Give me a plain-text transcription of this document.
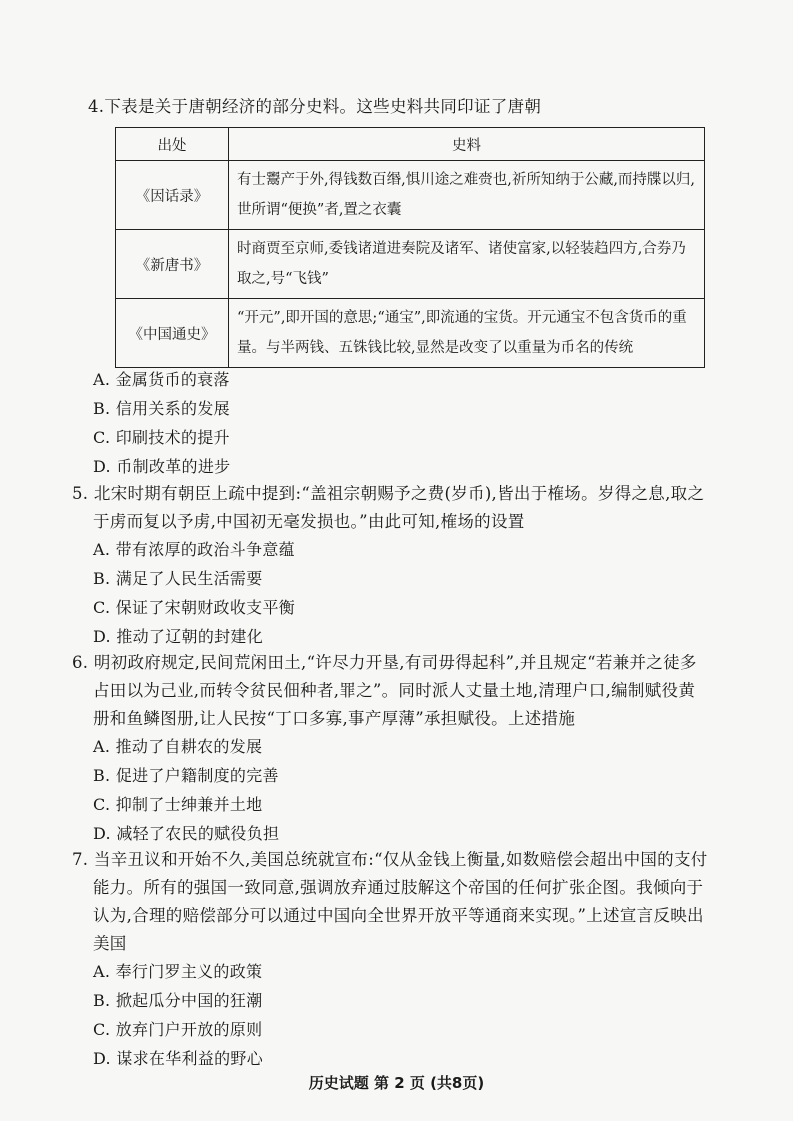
4.下表是关于唐朝经济的部分史料。这些史料共同印证了唐朝
出处	史料
《因话录》	有士鬻产于外,得钱数百缗,惧川途之难赍也,祈所知纳于公藏,而持牒以归,世所谓“便换”者,置之衣囊
《新唐书》	时商贾至京师,委钱诸道进奏院及诸军、诸使富家,以轻装趋四方,合券乃取之,号“飞钱”
《中国通史》	“开元”,即开国的意思;“通宝”,即流通的宝货。开元通宝不包含货币的重量。与半两钱、五铢钱比较,显然是改变了以重量为币名的传统
A. 金属货币的衰落
B. 信用关系的发展
C. 印刷技术的提升
D. 币制改革的进步
5. 北宋时期有朝臣上疏中提到:“盖祖宗朝赐予之费(岁币),皆出于榷场。岁得之息,取之
于虏而复以予虏,中国初无毫发损也。”由此可知,榷场的设置
A. 带有浓厚的政治斗争意蕴
B. 满足了人民生活需要
C. 保证了宋朝财政收支平衡
D. 推动了辽朝的封建化
6. 明初政府规定,民间荒闲田土,“许尽力开垦,有司毋得起科”,并且规定“若兼并之徒多
占田以为己业,而转令贫民佃种者,罪之”。同时派人丈量土地,清理户口,编制赋役黄
册和鱼鳞图册,让人民按“丁口多寡,事产厚薄”承担赋役。上述措施
A. 推动了自耕农的发展
B. 促进了户籍制度的完善
C. 抑制了士绅兼并土地
D. 减轻了农民的赋役负担
7. 当辛丑议和开始不久,美国总统就宣布:“仅从金钱上衡量,如数赔偿会超出中国的支付
能力。所有的强国一致同意,强调放弃通过肢解这个帝国的任何扩张企图。我倾向于
认为,合理的赔偿部分可以通过中国向全世界开放平等通商来实现。”上述宣言反映出
美国
A. 奉行门罗主义的政策
B. 掀起瓜分中国的狂潮
C. 放弃门户开放的原则
D. 谋求在华利益的野心
历史试题 第 2 页 (共8页)
